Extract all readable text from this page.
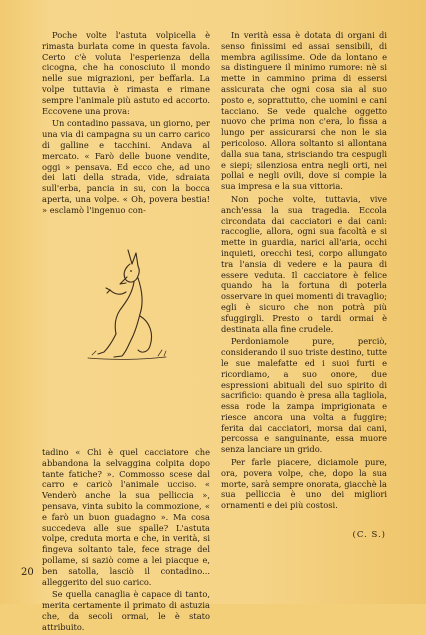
Poche volte l'astuta volpicella è rimasta burlata come in questa favola. Certo c'è voluta l'esperienza della cicogna, che ha conosciuto il mondo nelle sue migrazioni, per beffarla. La volpe tuttavia è rimasta e rimane sempre l'animale più astuto ed accorto. Eccovene una prova:

Un contadino passava, un giorno, per una via di campagna su un carro carico di galline e tacchini. Andava al mercato. « Farò delle buone vendite, oggi » pensava. Ed ecco che, ad uno dei lati della strada, vide, sdraiata sull'erba, pancia in su, con la bocca aperta, una volpe. « Oh, povera bestia! » esclamò l'ingenuo con-

tadino « Chi è quel cacciatore che abbandona la selvaggina colpita dopo tante fatiche? ». Commosso scese dal carro e caricò l'animale ucciso. « Venderò anche la sua pelliccia », pensava, vinta subito la commozione, « e farò un buon guadagno ». Ma cosa succedeva alle sue spalle? L'astuta volpe, creduta morta e che, in verità, si fingeva soltanto tale, fece strage del pollame, si saziò come a lei piacque e, ben satolla, lasciò il contadino... alleggerito del suo carico.

Se quella canaglia è capace di tanto, merita certamente il primato di astuzia che, da secoli ormai, le è stato attribuito.

In verità essa è dotata di organi di senso finissimi ed assai sensibili, di membra agilissime. Ode da lontano e sa distinguere il minimo rumore: nè si mette in cammino prima di essersi assicurata che ogni cosa sia al suo posto e, soprattutto, che uomini e cani tacciano. Se vede qualche oggetto nuovo che prima non c'era, lo fissa a lungo per assicurarsi che non le sia pericoloso. Allora soltanto si allontana dalla sua tana, strisciando tra cespugli e siepi; silenziosa entra negli orti, nei pollai e negli ovili, dove si compie la sua impresa e la sua vittoria.

Non poche volte, tuttavia, vive anch'essa la sua tragedia. Eccola circondata dai cacciatori e dai cani: raccoglie, allora, ogni sua facoltà e si mette in guardia, narici all'aria, occhi inquieti, orecchi tesi, corpo allungato tra l'ansia di vedere e la paura di essere veduta. Il cacciatore è felice quando ha la fortuna di poterla osservare in quei momenti di travaglio; egli è sicuro che non potrà più sfuggirgli. Presto o tardi ormai è destinata alla fine crudele.

Perdoniamole pure, perciò, considerando il suo triste destino, tutte le sue malefatte ed i suoi furti e ricordiamo, a suo onore, due espressioni abituali del suo spirito di sacrificio: quando è presa alla tagliola, essa rode la zampa imprigionata e riesce ancora una volta a fuggire; ferita dai cacciatori, morsa dai cani, percossa e sanguinante, essa muore senza lanciare un grido.

Per farle piacere, diciamole pure, ora, povera volpe, che, dopo la sua morte, sarà sempre onorata, giacchè la sua pelliccia è uno dei migliori ornamenti e dei più costosi.

(C. S.)
20
